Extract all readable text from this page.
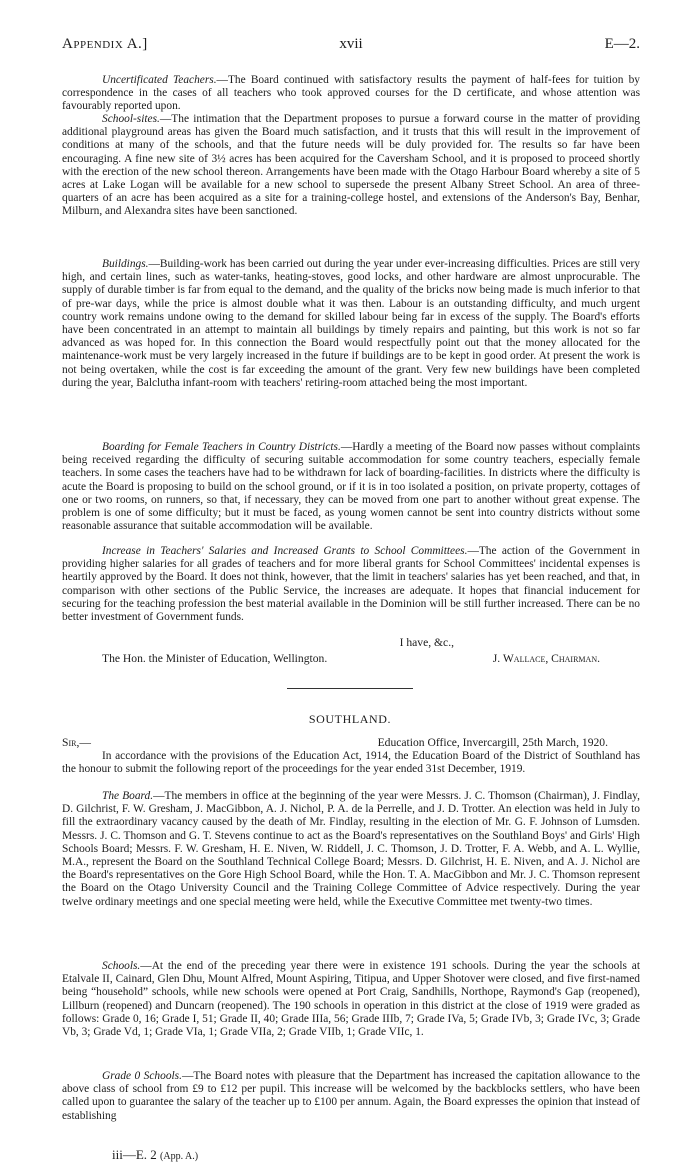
Appendix A.]	xvii	E—2.

Uncertificated Teachers.—The Board continued with satisfactory results the payment of half-fees for tuition by correspondence in the cases of all teachers who took approved courses for the D certificate, and whose attention was favourably reported upon.

School-sites.—The intimation that the Department proposes to pursue a forward course in the matter of providing additional playground areas has given the Board much satisfaction, and it trusts that this will result in the improvement of conditions at many of the schools, and that the future needs will be duly provided for. The results so far have been encouraging. A fine new site of 3½ acres has been acquired for the Caversham School, and it is proposed to proceed shortly with the erection of the new school thereon. Arrangements have been made with the Otago Harbour Board whereby a site of 5 acres at Lake Logan will be available for a new school to supersede the present Albany Street School. An area of three-quarters of an acre has been acquired as a site for a training-college hostel, and extensions of the Anderson's Bay, Benhar, Milburn, and Alexandra sites have been sanctioned.

Buildings.—Building-work has been carried out during the year under ever-increasing difficulties. Prices are still very high, and certain lines, such as water-tanks, heating-stoves, good locks, and other hardware are almost unprocurable. The supply of durable timber is far from equal to the demand, and the quality of the bricks now being made is much inferior to that of pre-war days, while the price is almost double what it was then. Labour is an outstanding difficulty, and much urgent country work remains undone owing to the demand for skilled labour being far in excess of the supply. The Board's efforts have been concentrated in an attempt to maintain all buildings by timely repairs and painting, but this work is not so far advanced as was hoped for. In this connection the Board would respectfully point out that the money allocated for the maintenance-work must be very largely increased in the future if buildings are to be kept in good order. At present the work is not being overtaken, while the cost is far exceeding the amount of the grant. Very few new buildings have been completed during the year, Balclutha infant-room with teachers' retiring-room attached being the most important.

Boarding for Female Teachers in Country Districts.—Hardly a meeting of the Board now passes without complaints being received regarding the difficulty of securing suitable accommodation for some country teachers, especially female teachers. In some cases the teachers have had to be withdrawn for lack of boarding-facilities. In districts where the difficulty is acute the Board is proposing to build on the school ground, or if it is in too isolated a position, on private property, cottages of one or two rooms, on runners, so that, if necessary, they can be moved from one part to another without great expense. The problem is one of some difficulty; but it must be faced, as young women cannot be sent into country districts without some reasonable assurance that suitable accommodation will be available.

Increase in Teachers' Salaries and Increased Grants to School Committees.—The action of the Government in providing higher salaries for all grades of teachers and for more liberal grants for School Committees' incidental expenses is heartily approved by the Board. It does not think, however, that the limit in teachers' salaries has yet been reached, and that, in comparison with other sections of the Public Service, the increases are adequate. It hopes that financial inducement for securing for the teaching profession the best material available in the Dominion will be still further increased. There can be no better investment of Government funds.

I have, &c.,
The Hon. the Minister of Education, Wellington.	J. Wallace, Chairman.
SOUTHLAND.
Sir,—	Education Office, Invercargill, 25th March, 1920.

In accordance with the provisions of the Education Act, 1914, the Education Board of the District of Southland has the honour to submit the following report of the proceedings for the year ended 31st December, 1919.

The Board.—The members in office at the beginning of the year were Messrs. J. C. Thomson (Chairman), J. Findlay, D. Gilchrist, F. W. Gresham, J. MacGibbon, A. J. Nichol, P. A. de la Perrelle, and J. D. Trotter. An election was held in July to fill the extraordinary vacancy caused by the death of Mr. Findlay, resulting in the election of Mr. G. F. Johnson of Lumsden. Messrs. J. C. Thomson and G. T. Stevens continue to act as the Board's representatives on the Southland Boys' and Girls' High Schools Board; Messrs. F. W. Gresham, H. E. Niven, W. Riddell, J. C. Thomson, J. D. Trotter, F. A. Webb, and A. L. Wyllie, M.A., represent the Board on the Southland Technical College Board; Messrs. D. Gilchrist, H. E. Niven, and A. J. Nichol are the Board's representatives on the Gore High School Board, while the Hon. T. A. MacGibbon and Mr. J. C. Thomson represent the Board on the Otago University Council and the Training College Committee of Advice respectively. During the year twelve ordinary meetings and one special meeting were held, while the Executive Committee met twenty-two times.

Schools.—At the end of the preceding year there were in existence 191 schools. During the year the schools at Etalvale II, Cainard, Glen Dhu, Mount Alfred, Mount Aspiring, Titipua, and Upper Shotover were closed, and five first-named being “household” schools, while new schools were opened at Port Craig, Sandhills, Northope, Raymond's Gap (reopened), Lillburn (reopened) and Duncarn (reopened). The 190 schools in operation in this district at the close of 1919 were graded as follows: Grade 0, 16; Grade I, 51; Grade II, 40; Grade IIIa, 56; Grade IIIb, 7; Grade IVa, 5; Grade IVb, 3; Grade IVc, 3; Grade Vb, 3; Grade Vd, 1; Grade VIa, 1; Grade VIIa, 2; Grade VIIb, 1; Grade VIIc, 1.

Grade 0 Schools.—The Board notes with pleasure that the Department has increased the capitation allowance to the above class of school from £9 to £12 per pupil. This increase will be welcomed by the backblocks settlers, who have been called upon to guarantee the salary of the teacher up to £100 per annum. Again, the Board expresses the opinion that instead of establishing

iii—E. 2 (App. A.)
